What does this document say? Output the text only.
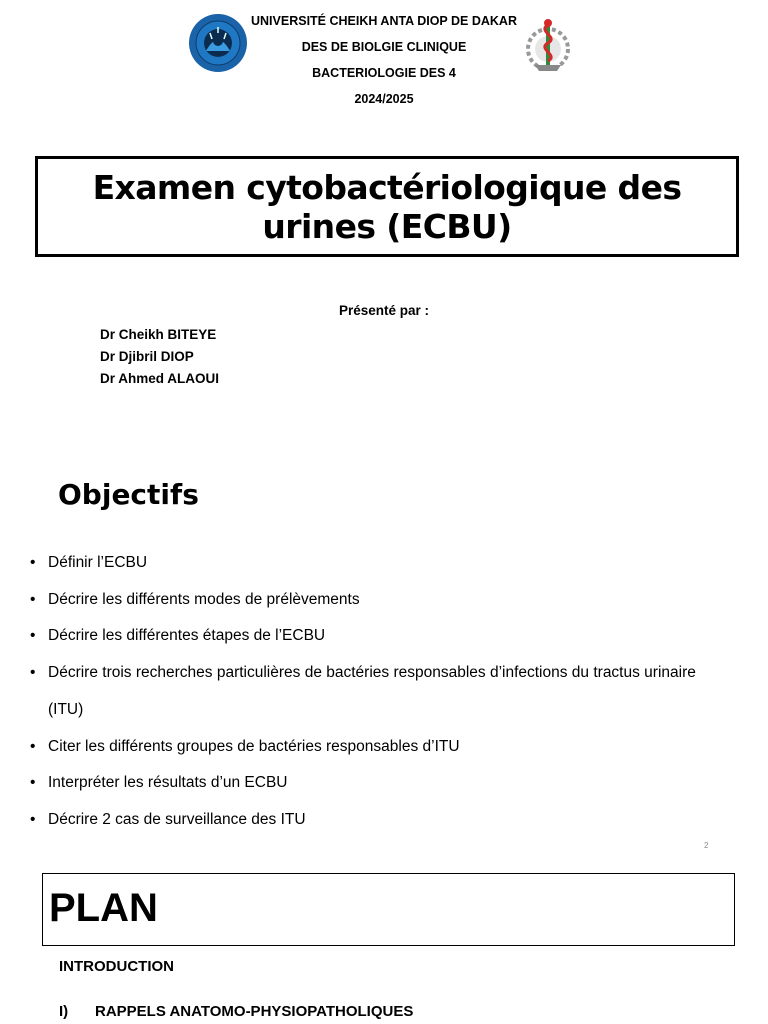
UNIVERSITÉ CHEIKH ANTA DIOP DE DAKAR
DES DE BIOLGIE CLINIQUE
BACTERIOLOGIE DES 4
2024/2025
Examen cytobactériologique des urines (ECBU)
Présenté par :
Dr Cheikh BITEYE
Dr Djibril DIOP
Dr Ahmed ALAOUI
Objectifs
• Définir l’ECBU
• Décrire les différents modes de prélèvements
• Décrire les différentes étapes de l’ECBU
• Décrire trois recherches particulières de bactéries responsables d’infections du tractus urinaire (ITU)
• Citer les différents groupes de bactéries responsables d’ITU
• Interpréter les résultats d’un ECBU
• Décrire 2 cas de surveillance des ITU
2
PLAN
INTRODUCTION
I) RAPPELS ANATOMO-PHYSIOPATHOLIQUES
